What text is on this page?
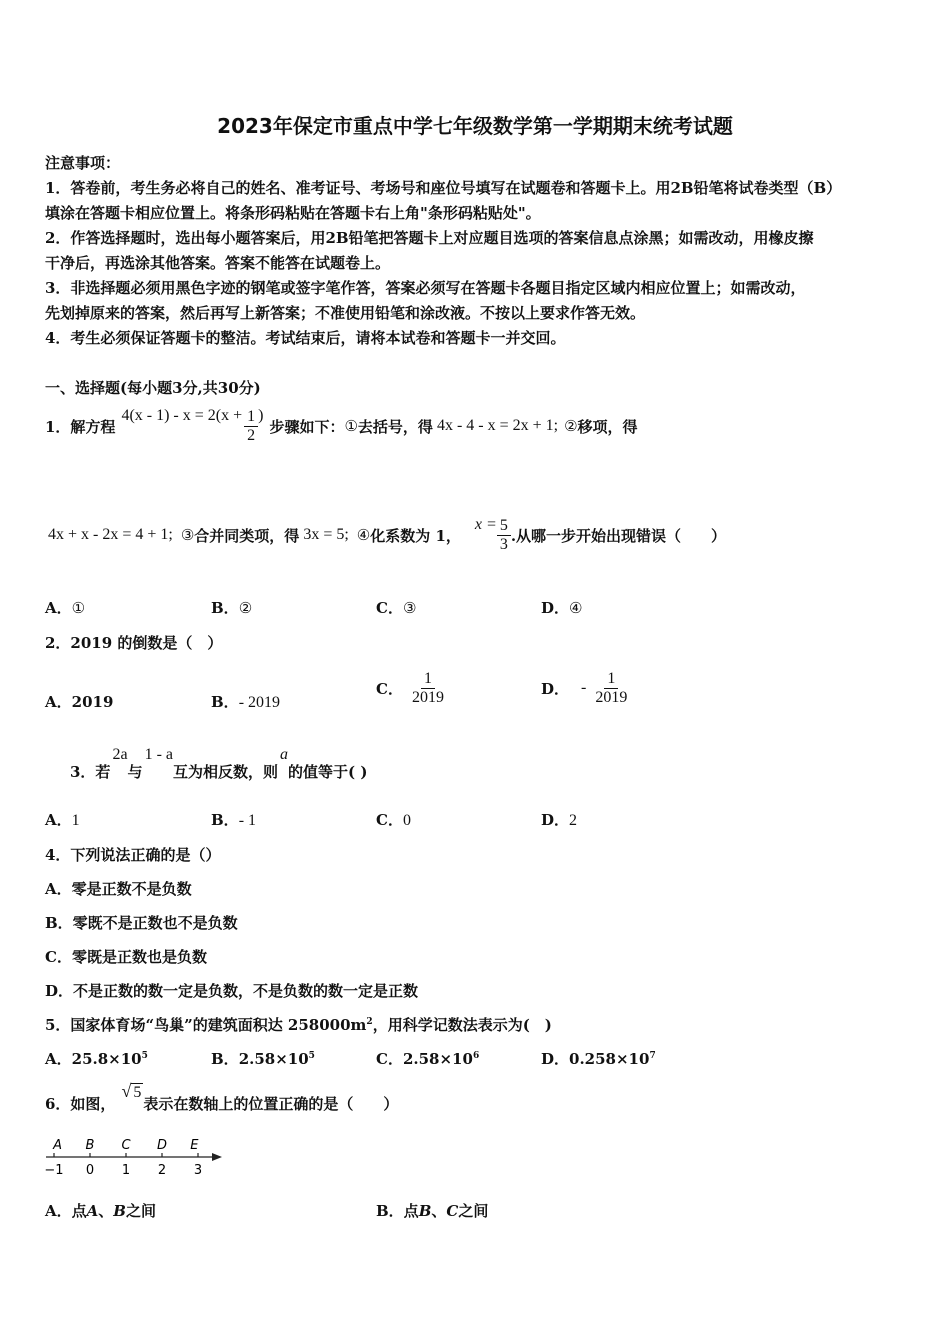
2023年保定市重点中学七年级数学第一学期期末统考试题
注意事项：
1．答卷前，考生务必将自己的姓名、准考证号、考场号和座位号填写在试题卷和答题卡上。用2B铅笔将试卷类型（B）
填涂在答题卡相应位置上。将条形码粘贴在答题卡右上角"条形码粘贴处"。
2．作答选择题时，选出每小题答案后，用2B铅笔把答题卡上对应题目选项的答案信息点涂黑；如需改动，用橡皮擦
干净后，再选涂其他答案。答案不能答在试题卷上。
3．非选择题必须用黑色字迹的钢笔或签字笔作答，答案必须写在答题卡各题目指定区域内相应位置上；如需改动，
先划掉原来的答案，然后再写上新答案；不准使用铅笔和涂改液。不按以上要求作答无效。
4．考生必须保证答题卡的整洁。考试结束后，请将本试卷和答题卡一并交回。
一、选择题(每小题3分,共30分)
1．解方程
$4(x - 1) - x = 2(x + \frac{1}{2}$ )
步骤如下： ① 去括号，得 4x - 4 - x = 2x + 1; ② 移项，得
4x + x - 2x = 4 + 1; ③ 合并同类项，得 3x = 5; ④ 化系数为 1，
$x = \frac{5}{3}$ .从哪一步开始出现错误（　　）
A．①	B．②	C．③	D．④
2．2019 的倒数是（　）
A．2019	B．- 2019
C． $\frac{1}{2019}$	D． - $\frac{1}{2019}$
3．若
2a
与
1 - a
互为相反数，则
a
的值等于( )
A．1	B．- 1	C．0	D．2
4．下列说法正确的是（）
A．零是正数不是负数
B．零既不是正数也不是负数
C．零既是正数也是负数
D．不是正数的数一定是负数，不是负数的数一定是正数
5．国家体育场“鸟巢”的建筑面积达 $258000m^2$，用科学记数法表示为(　)
A．$25.8\times 10^5$	B．$2.58\times 10^5$	C．$2.58\times 10^6$	D．$0.258\times 10^7$
6．如图，
√ 5
表示在数轴上的位置正确的是（　　）
−1 0 1 2 3
A B C D E
A．点A、B之间	B．点B、C之间
